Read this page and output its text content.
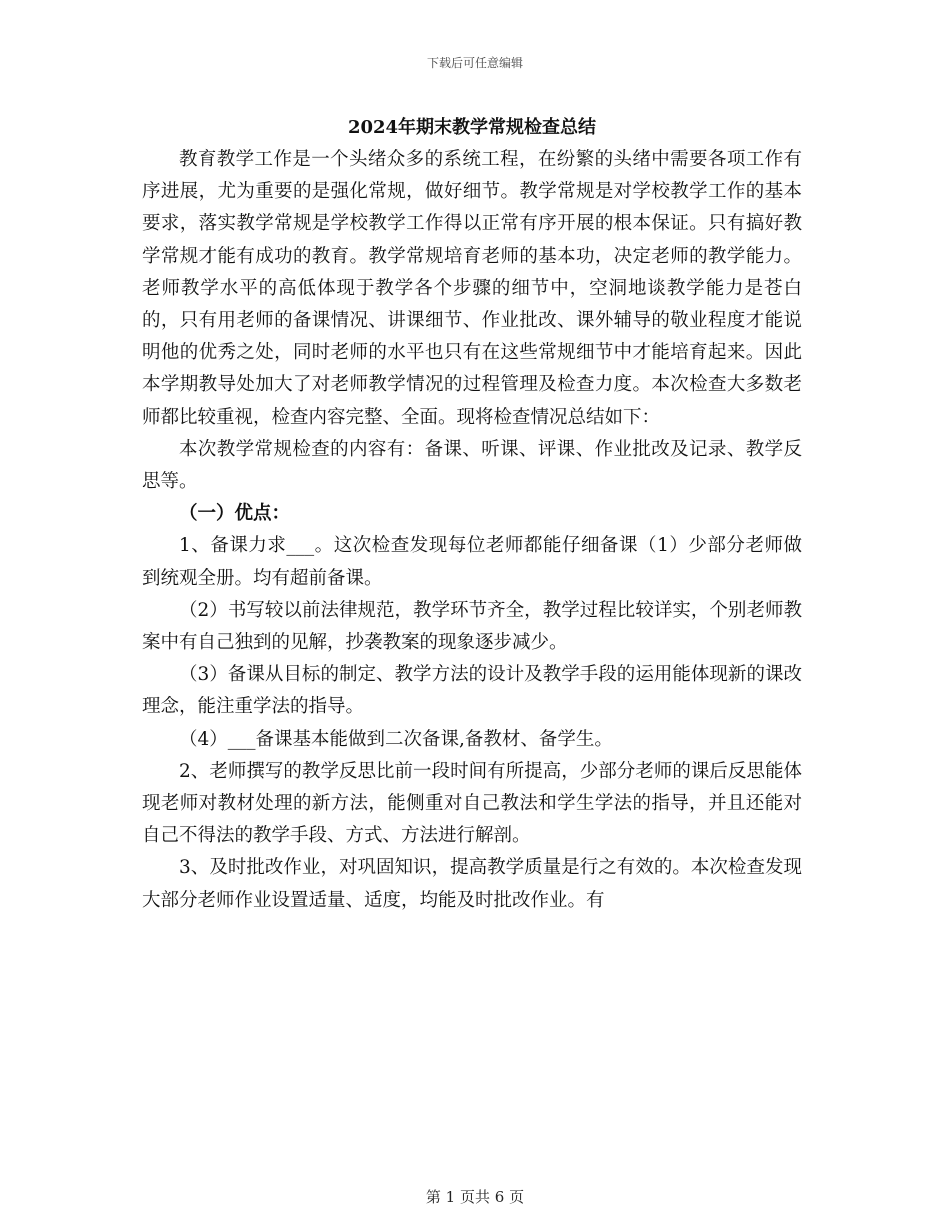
下载后可任意编辑
2024年期末教学常规检查总结

教育教学工作是一个头绪众多的系统工程，在纷繁的头绪中需要各项工作有序进展，尤为重要的是强化常规，做好细节。教学常规是对学校教学工作的基本要求，落实教学常规是学校教学工作得以正常有序开展的根本保证。只有搞好教学常规才能有成功的教育。教学常规培育老师的基本功，决定老师的教学能力。老师教学水平的高低体现于教学各个步骤的细节中，空洞地谈教学能力是苍白的，只有用老师的备课情况、讲课细节、作业批改、课外辅导的敬业程度才能说明他的优秀之处，同时老师的水平也只有在这些常规细节中才能培育起来。因此本学期教导处加大了对老师教学情况的过程管理及检查力度。本次检查大多数老师都比较重视，检查内容完整、全面。现将检查情况总结如下：

本次教学常规检查的内容有：备课、听课、评课、作业批改及记录、教学反思等。

（一）优点：

1、备课力求___。这次检查发现每位老师都能仔细备课（1）少部分老师做到统观全册。均有超前备课。

（2）书写较以前法律规范，教学环节齐全，教学过程比较详实，个别老师教案中有自己独到的见解，抄袭教案的现象逐步减少。

（3）备课从目标的制定、教学方法的设计及教学手段的运用能体现新的课改理念，能注重学法的指导。

（4）___备课基本能做到二次备课,备教材、备学生。

2、老师撰写的教学反思比前一段时间有所提高，少部分老师的课后反思能体现老师对教材处理的新方法，能侧重对自己教法和学生学法的指导，并且还能对自己不得法的教学手段、方式、方法进行解剖。

3、及时批改作业，对巩固知识，提高教学质量是行之有效的。本次检查发现大部分老师作业设置适量、适度，均能及时批改作业。有

第 1 页共 6 页
